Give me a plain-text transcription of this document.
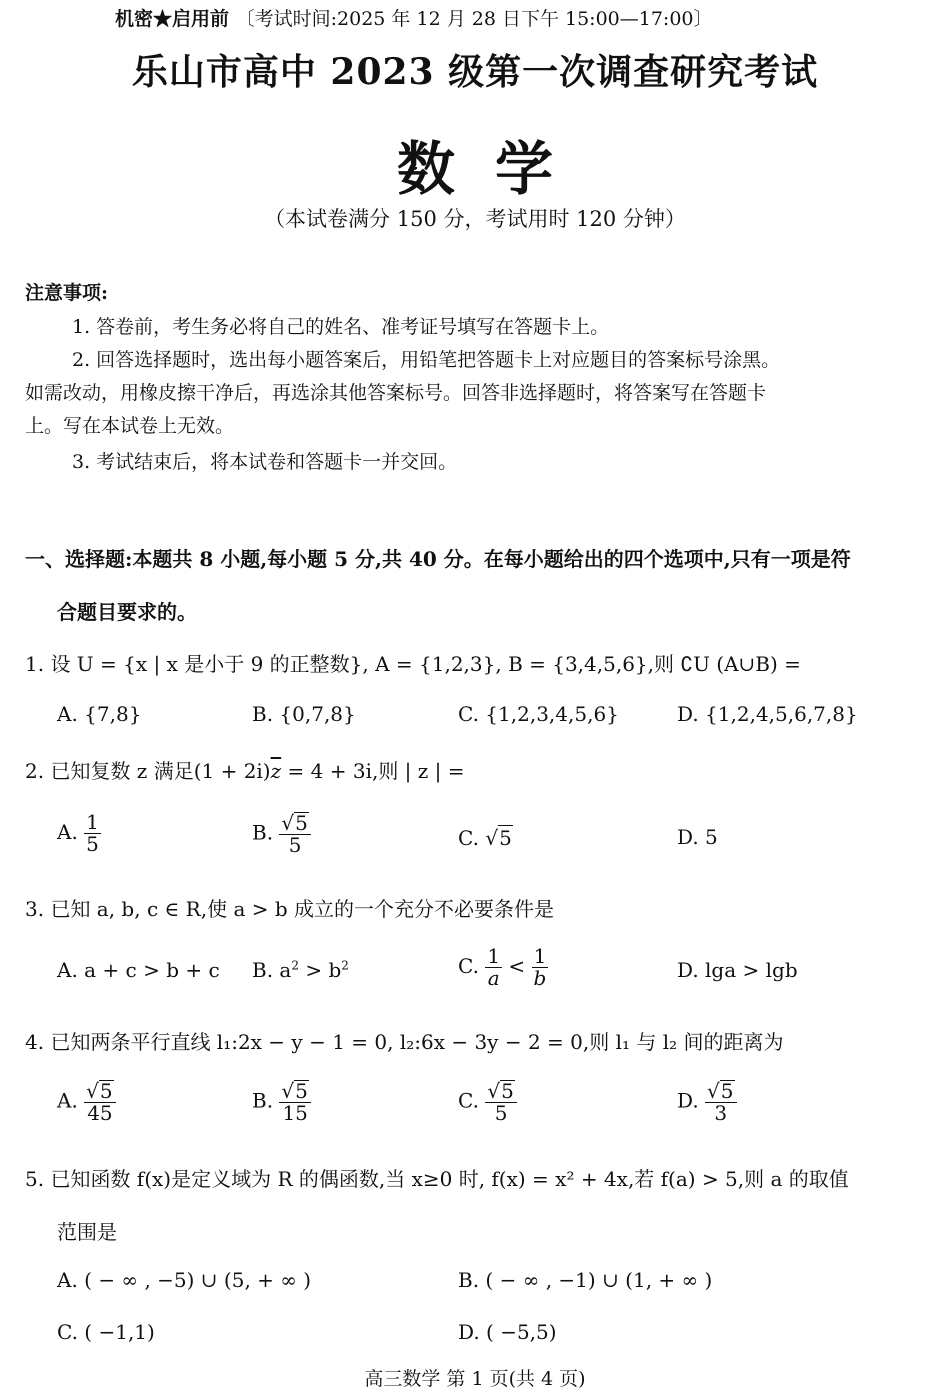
机密★启用前 〔考试时间:2025 年 12 月 28 日下午 15:00—17:00〕
乐山市高中 2023 级第一次调查研究考试
数学
（本试卷满分 150 分，考试用时 120 分钟）
注意事项:
1. 答卷前，考生务必将自己的姓名、准考证号填写在答题卡上。
2. 回答选择题时，选出每小题答案后，用铅笔把答题卡上对应题目的答案标号涂黑。
如需改动，用橡皮擦干净后，再选涂其他答案标号。回答非选择题时，将答案写在答题卡
上。写在本试卷上无效。
3. 考试结束后，将本试卷和答题卡一并交回。
一、选择题:本题共 8 小题,每小题 5 分,共 40 分。在每小题给出的四个选项中,只有一项是符
合题目要求的。
1. 设 U = {x | x 是小于 9 的正整数}, A = {1,2,3}, B = {3,4,5,6},则 ∁U (A∪B) =
A. {7,8}	B. {0,7,8}	C. {1,2,3,4,5,6}	D. {1,2,4,5,6,7,8}
2. 已知复数 z 满足$(1 + 2i)\overline{z} = 4 + 3i$,则 | z | =
A. $\frac{1}{5}$	B. $\frac{√ 5}{5}$	C. √ 5	D. 5
3. 已知 a, b, c ∈ R,使 a > b 成立的一个充分不必要条件是
A. a + c > b + c B. $a^2 > b^2$	C. $\frac{1}{a} < \frac{1}{b}$	D. lga > lgb
4. 已知两条平行直线 l₁:2x − y − 1 = 0, l₂:6x − 3y − 2 = 0,则 l₁ 与 l₂ 间的距离为
A. $\frac{√ 5}{45}$	B. $\frac{√ 5}{15}$	C. $\frac{√ 5}{5}$	D. $\frac{√ 5}{3}$
5. 已知函数 f(x)是定义域为 R 的偶函数,当 x≥0 时, f(x) = x² + 4x,若 f(a) > 5,则 a 的取值
范围是
A. ( − ∞ , −5) ∪ (5, + ∞ )	B. ( − ∞ , −1) ∪ (1, + ∞ )
C. ( −1,1)	D. ( −5,5)
高三数学 第 1 页(共 4 页)
